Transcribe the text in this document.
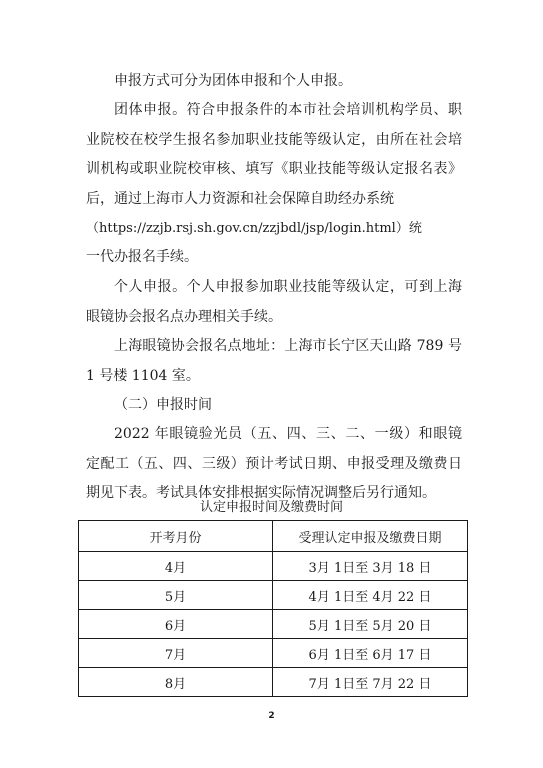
申报方式可分为团体申报和个人申报。

团体申报。符合申报条件的本市社会培训机构学员、职业院校在校学生报名参加职业技能等级认定，由所在社会培训机构或职业院校审核、填写《职业技能等级认定报名表》后，通过上海市人力资源和社会保障自助经办系统

（https://zzjb.rsj.sh.gov.cn/zzjbdl/jsp/login.html）统

一代办报名手续。

个人申报。个人申报参加职业技能等级认定，可到上海眼镜协会报名点办理相关手续。

上海眼镜协会报名点地址：上海市长宁区天山路 789 号 1 号楼 1104 室。

（二）申报时间

2022 年眼镜验光员（五、四、三、二、一级）和眼镜定配工（五、四、三级）预计考试日期、申报受理及缴费日期见下表。考试具体安排根据实际情况调整后另行通知。

认定申报时间及缴费时间
开考月份	受理认定申报及缴费日期
4月	3月 1日至 3月 18 日
5月	4月 1日至 4月 22 日
6月	5月 1日至 5月 20 日
7月	6月 1日至 6月 17 日
8月	7月 1日至 7月 22 日
2
